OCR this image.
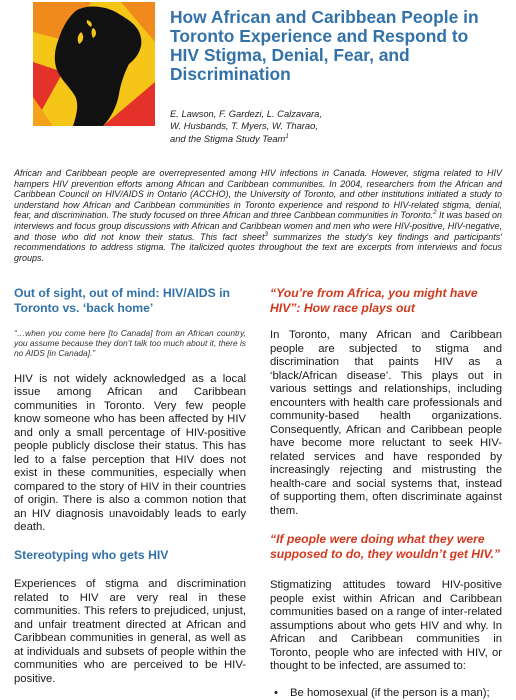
How African and Caribbean People in Toronto Experience and Respond to HIV Stigma, Denial, Fear, and Discrimination
E. Lawson, F. Gardezi, L. Calzavara,
W. Husbands, T. Myers, W. Tharao,
and the Stigma Study Team$^1$

African and Caribbean people are overrepresented among HIV infections in Canada. However, stigma related to HIV hampers HIV prevention efforts among African and Caribbean communities. In 2004, researchers from the African and Caribbean Council on HIV/AIDS in Ontario (ACCHO), the University of Toronto, and other institutions initiated a study to understand how African and Caribbean communities in Toronto experience and respond to HIV-related stigma, denial, fear, and discrimination. The study focused on three African and three Caribbean communities in Toronto.$^2$ It was based on interviews and focus group discussions with African and Caribbean women and men who were HIV-positive, HIV-negative, and those who did not know their status. This fact sheet$^3$ summarizes the study's key findings and participants' recommendations to address stigma. The italicized quotes throughout the text are excerpts from interviews and focus groups.

Out of sight, out of mind: HIV/AIDS in Toronto vs. ‘back home’

“…when you come here [to Canada] from an African country, you assume because they don’t talk too much about it, there is no AIDS [in Canada].”

HIV is not widely acknowledged as a local issue among African and Caribbean communities in Toronto. Very few people know someone who has been affected by HIV and only a small percentage of HIV-positive people publicly disclose their status. This has led to a false perception that HIV does not exist in these communities, especially when compared to the story of HIV in their countries of origin. There is also a common notion that an HIV diagnosis unavoidably leads to early death.

Stereotyping who gets HIV

Experiences of stigma and discrimination related to HIV are very real in these communities. This refers to prejudiced, unjust, and unfair treatment directed at African and Caribbean communities in general, as well as at individuals and subsets of people within the communities who are perceived to be HIV-positive.

“You’re from Africa, you might have HIV”: How race plays out

In Toronto, many African and Caribbean people are subjected to stigma and discrimination that paints HIV as a ‘black/African disease’. This plays out in various settings and relationships, including encounters with health care professionals and community-based health organizations. Consequently, African and Caribbean people have become more reluctant to seek HIV-related services and have responded by increasingly rejecting and mistrusting the health-care and social systems that, instead of supporting them, often discriminate against them.

“If people were doing what they were supposed to do, they wouldn’t get HIV.”

Stigmatizing attitudes toward HIV-positive people exist within African and Caribbean communities based on a range of inter-related assumptions about who gets HIV and why. In African and Caribbean communities in Toronto, people who are infected with HIV, or thought to be infected, are assumed to:

• Be homosexual (if the person is a man);
